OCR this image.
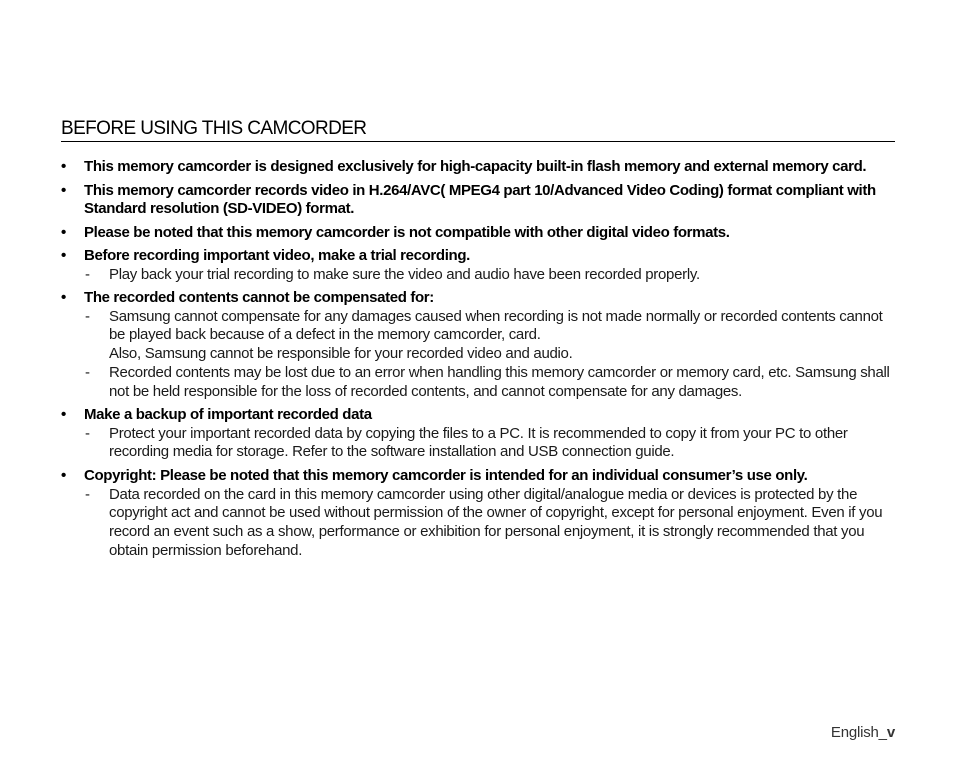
BEFORE USING THIS CAMCORDER
• This memory camcorder is designed exclusively for high-capacity built-in flash memory and external memory card.
• This memory camcorder records video in H.264/AVC( MPEG4 part 10/Advanced Video Coding) format compliant with Standard resolution (SD-VIDEO) format.
• Please be noted that this memory camcorder is not compatible with other digital video formats.
• Before recording important video, make a trial recording.
- Play back your trial recording to make sure the video and audio have been recorded properly.
• The recorded contents cannot be compensated for:
- Samsung cannot compensate for any damages caused when recording is not made normally or recorded contents cannot be played back because of a defect in the memory camcorder, card.
Also, Samsung cannot be responsible for your recorded video and audio.
- Recorded contents may be lost due to an error when handling this memory camcorder or memory card, etc. Samsung shall not be held responsible for the loss of recorded contents, and cannot compensate for any damages.
• Make a backup of important recorded data
- Protect your important recorded data by copying the files to a PC. It is recommended to copy it from your PC to other recording media for storage. Refer to the software installation and USB connection guide.
• Copyright: Please be noted that this memory camcorder is intended for an individual consumer’s use only.
- Data recorded on the card in this memory camcorder using other digital/analogue media or devices is protected by the copyright act and cannot be used without permission of the owner of copyright, except for personal enjoyment. Even if you record an event such as a show, performance or exhibition for personal enjoyment, it is strongly recommended that you obtain permission beforehand.
English_v
